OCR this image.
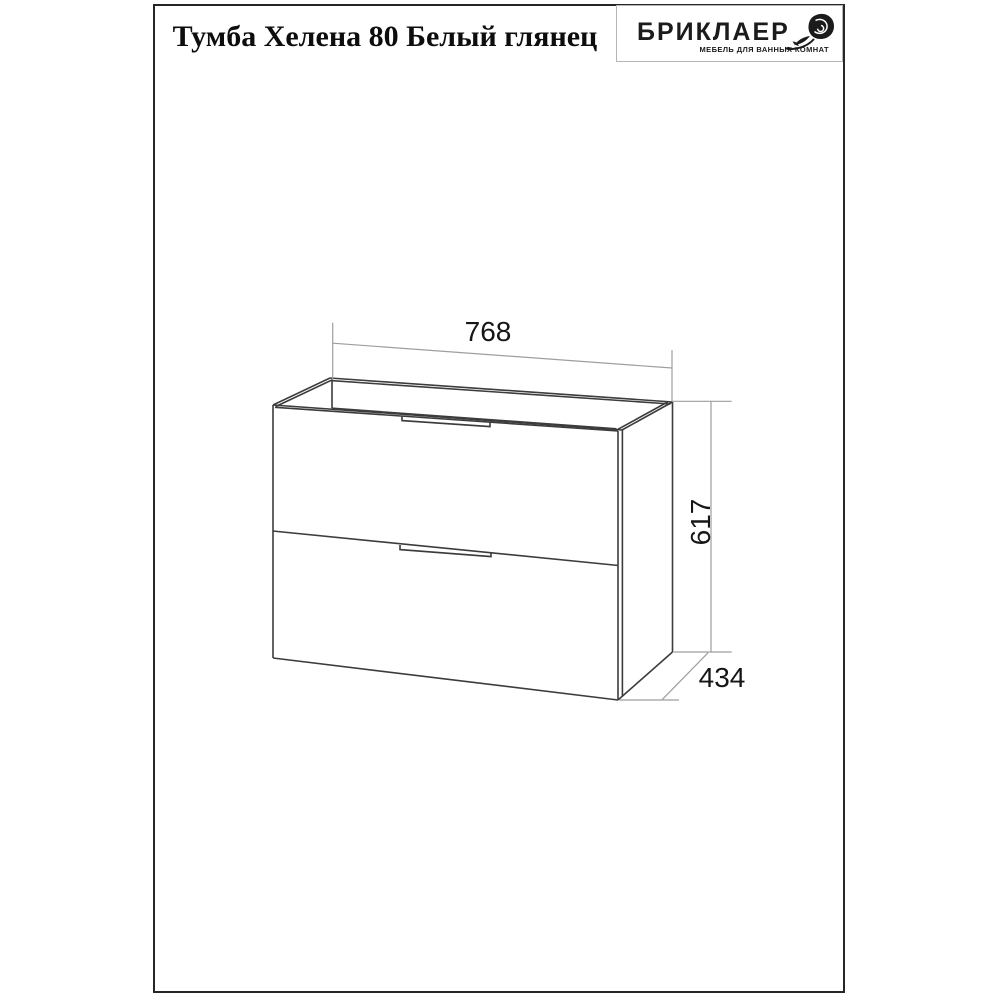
Тумба Хелена 80 Белый глянец	БРИКЛАЕР
МЕБЕЛЬ ДЛЯ ВАННЫХ КОМНАТ
768
617
434
